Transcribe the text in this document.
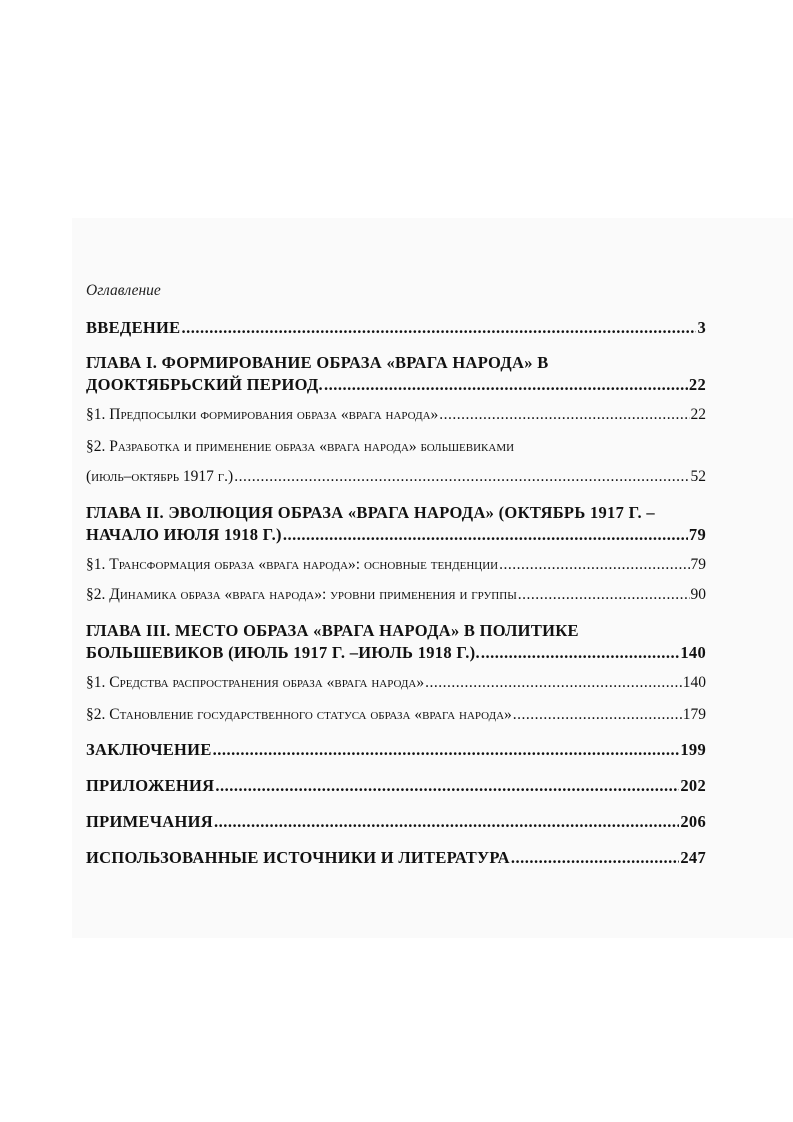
Оглавление
ВВЕДЕНИЕ .....	3
ГЛАВА I. ФОРМИРОВАНИЕ ОБРАЗА «ВРАГА НАРОДА» В
ДООКТЯБРЬСКИЙ ПЕРИОД. .....	22
§1. Предпосылки формирования образа «врага народа» .....	22
§2. Разработка и применение образа «врага народа» большевиками
(июль–октябрь 1917 г.) .....	52
ГЛАВА II. ЭВОЛЮЦИЯ ОБРАЗА «ВРАГА НАРОДА» (ОКТЯБРЬ 1917 Г. –
НАЧАЛО ИЮЛЯ 1918 Г.) .....	79
§1. Трансформация образа «врага народа»: основные тенденции .....	79
§2. Динамика образа «врага народа»: уровни применения и группы .....	90
ГЛАВА III. МЕСТО ОБРАЗА «ВРАГА НАРОДА» В ПОЛИТИКЕ
БОЛЬШЕВИКОВ (ИЮЛЬ 1917 Г. –ИЮЛЬ 1918 Г.). .....	140
§1. Средства распространения образа «врага народа» .....	140
§2. Становление государственного статуса образа «врага народа» .....	179
ЗАКЛЮЧЕНИЕ .....	199
ПРИЛОЖЕНИЯ .....	202
ПРИМЕЧАНИЯ .....	206
ИСПОЛЬЗОВАННЫЕ ИСТОЧНИКИ И ЛИТЕРАТУРА .....	247
